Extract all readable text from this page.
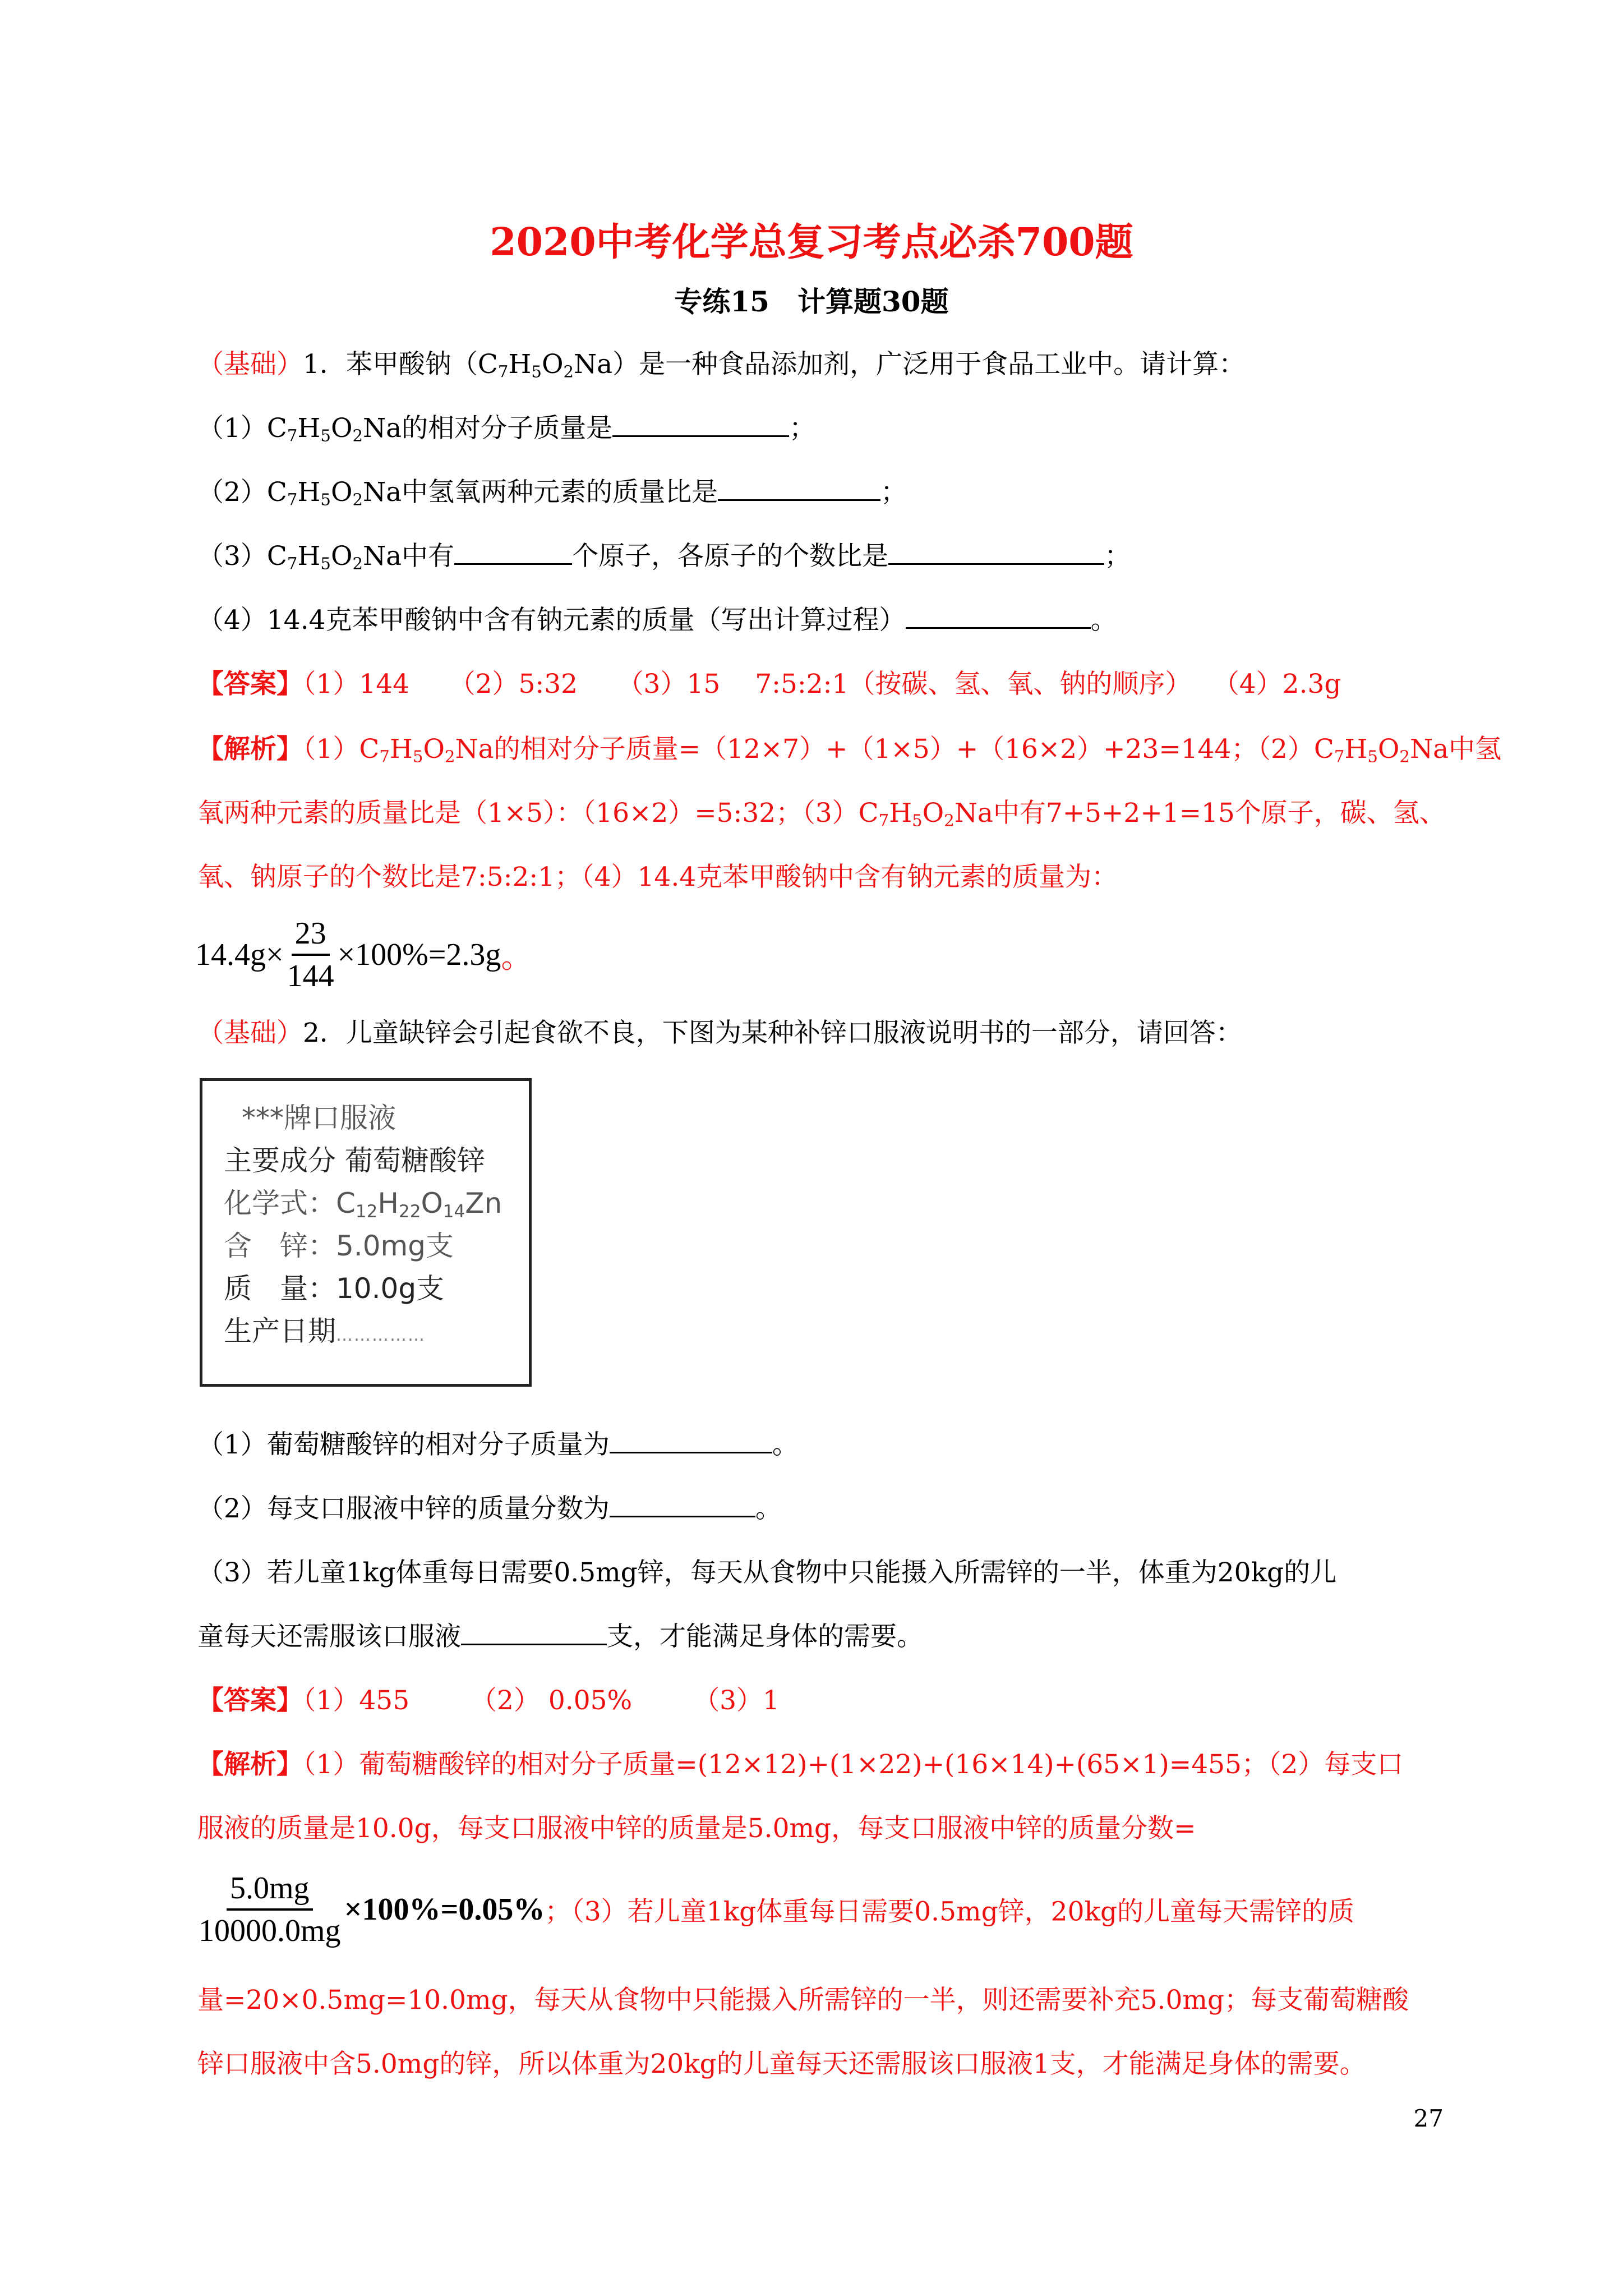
2020中考化学总复习考点必杀700题
专练15　计算题30题
（基础）1．苯甲酸钠$(C_7H_5O_2Na)$是一种食品添加剂，广泛用于食品工业中。请计算：
$(1)C_7H_5O_2Na$的相对分子质量是	；
$(2)C_7H_5O_2Na$中氢氧两种元素的质量比是	；
$(3)C_7H_5O_2Na$中有	个原子，各原子的个数比是	；
（4）14.4克苯甲酸钠中含有钠元素的质量（写出计算过程）	。
【答案】（1）144　　（2）5:32　　（3）15　 7:5:2:1（按碳、氢、氧、钠的顺序）　 （4）2.3g
【解析】$(1)C_7H_5O_2Na$的相对分子质量=（12×7）+（1×5）+（16×2）+23=144；$(2)C_7H_5O_2Na$中氢
氧两种元素的质量比是（1×5）：（16×2）=5:32；$(3)C_7H_5O_2Na$中有7+5+2+1=15个原子，碳、氢、
氧、钠原子的个数比是7:5:2:1；（4）14.4克苯甲酸钠中含有钠元素的质量为：
$14.4g\times \frac{23}{144} \times 100\%=2.3g$。
（基础）2．儿童缺锌会引起食欲不良，下图为某种补锌口服液说明书的一部分，请回答：
***牌口服液
主要成分 葡萄糖酸锌
化学式：$C_{12}H_{22}O_{14}Zn$
含　锌：5.0mg支
质　量：10.0g支
生产日期……………
（1）葡萄糖酸锌的相对分子质量为	。
（2）每支口服液中锌的质量分数为	。
（3）若儿童1kg体重每日需要0.5mg锌，每天从食物中只能摄入所需锌的一半，体重为20kg的儿
童每天还需服该口服液	支，才能满足身体的需要。
【答案】（1）455　　 （2） 0.05%　　 （3）1
【解析】（1）葡萄糖酸锌的相对分子质量=(12×12)+(1×22)+(16×14)+(65×1)=455；（2）每支口
服液的质量是10.0g，每支口服液中锌的质量是5.0mg，每支口服液中锌的质量分数=
$\frac{5.0mg}{10000.0mg} \times 100\%=0.05\%$；（3）若儿童1kg体重每日需要0.5mg锌，20kg的儿童每天需锌的质
量=20×0.5mg=10.0mg，每天从食物中只能摄入所需锌的一半，则还需要补充5.0mg；每支葡萄糖酸
锌口服液中含5.0mg的锌，所以体重为20kg的儿童每天还需服该口服液1支，才能满足身体的需要。
27
